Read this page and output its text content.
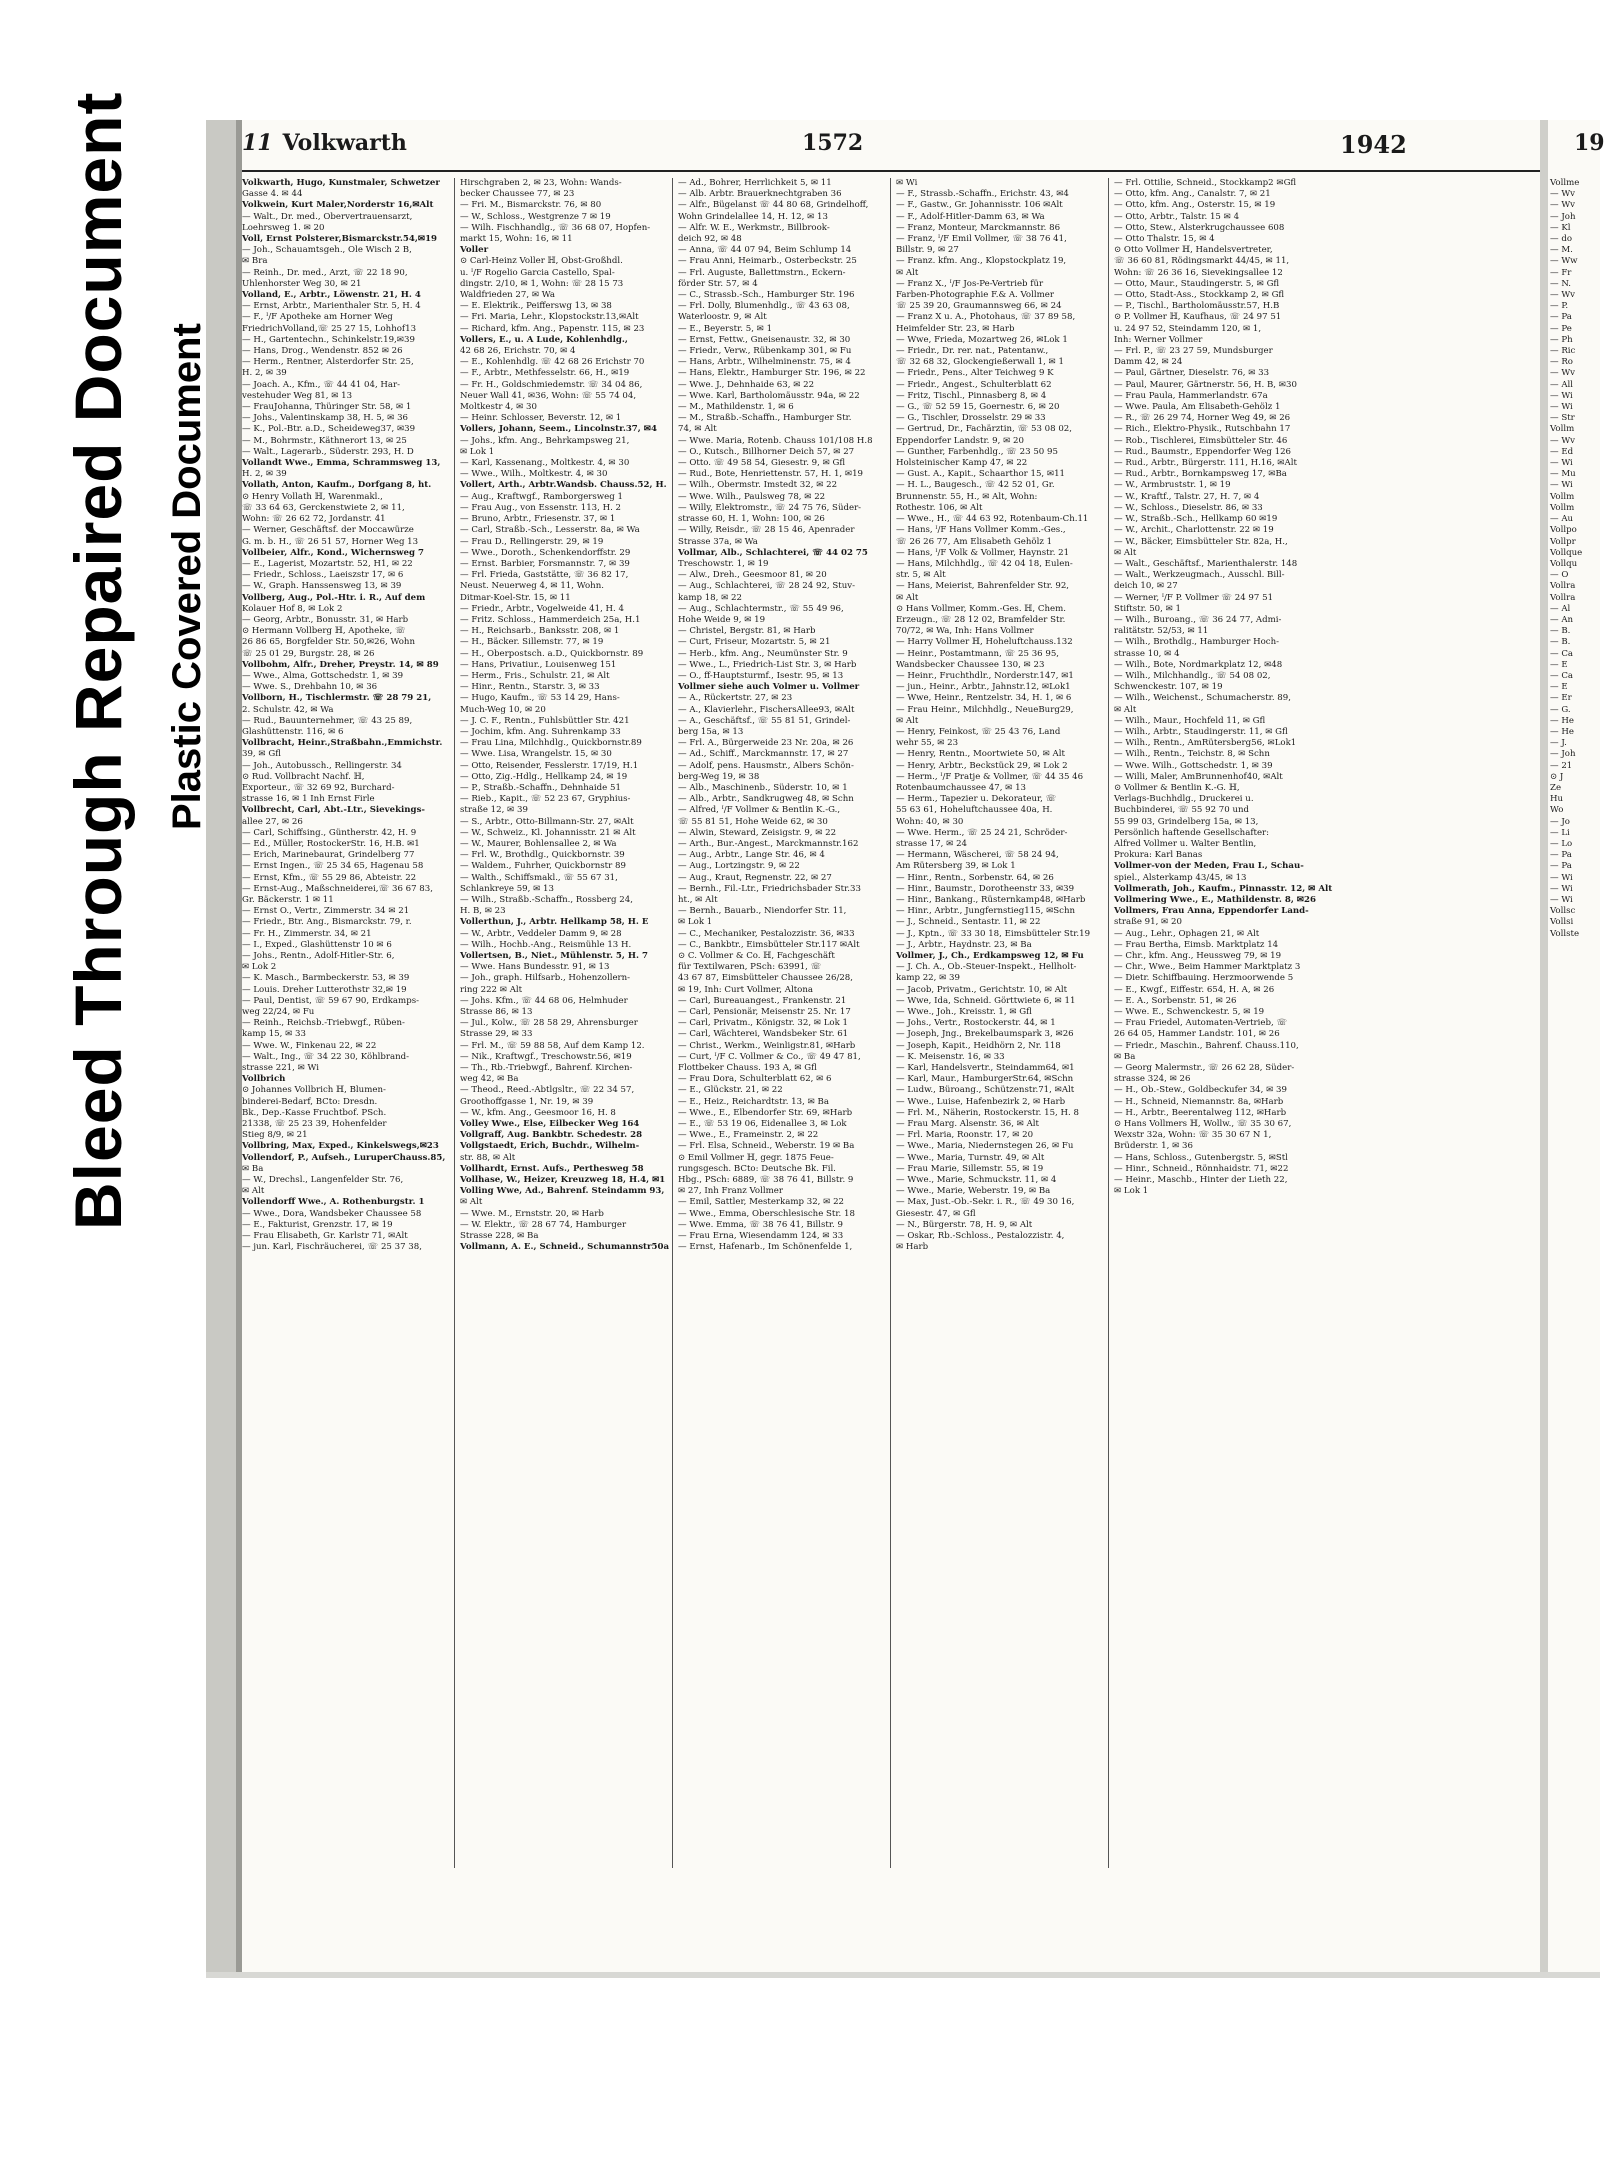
Bleed Through Repaired Document Plastic Covered Document
11 Volkwarth	1572	1942

Volkwarth, Hugo, Kunstmaler, Schwetzer

Gasse 4. ✉ 44

Volkwein, Kurt Maler,Norderstr 16,✉Alt

— Walt., Dr. med., Obervertrauensarzt,

Loehrsweg 1. ✉ 20

Voll, Ernst Polsterer,Bismarckstr.54,✉19

— Joh., Schauamtsgeh., Ole Wisch 2 B,

✉ Bra

— Reinh., Dr. med., Arzt, ☏ 22 18 90,

Uhlenhorster Weg 30, ✉ 21

Volland, E., Arbtr., Löwenstr. 21, H. 4

— Ernst, Arbtr., Marienthaler Str. 5, H. 4

— F., ᴵ/F Apotheke am Horner Weg

FriedrichVolland,☏ 25 27 15, Lohhof13

— H., Gartentechn., Schinkelstr.19,✉39

— Hans, Drog., Wendenstr. 852 ✉ 26

— Herm., Rentner, Alsterdorfer Str. 25,

H. 2, ✉ 39

— Joach. A., Kfm., ☏ 44 41 04, Har-

vestehuder Weg 81, ✉ 13

— FrauJohanna, Thüringer Str. 58, ✉ 1

— Johs., Valentinskamp 38, H. 5, ✉ 36

— K., Pol.-Btr. a.D., Scheideweg37, ✉39

— M., Bohrmstr., Käthnerort 13, ✉ 25

— Walt., Lagerarb., Süderstr. 293, H. D

Vollandt Wwe., Emma, Schrammsweg 13,

H. 2, ✉ 39

Vollath, Anton, Kaufm., Dorfgang 8, ht.

⊙ Henry Vollath ℍ, Warenmakl.,

☏ 33 64 63, Gerckenstwiete 2, ✉ 11,

Wohn: ☏ 26 62 72, Jordanstr. 41

— Werner, Geschäftsf. der Moccawürze

G. m. b. H., ☏ 26 51 57, Horner Weg 13

Vollbeier, Alfr., Kond., Wichernsweg 7

— E., Lagerist, Mozartstr. 52, H1, ✉ 22

— Friedr., Schloss., Laeiszstr 17, ✉ 6

— W., Graph. Hanssensweg 13, ✉ 39

Vollberg, Aug., Pol.-Htr. i. R., Auf dem

Kolauer Hof 8, ✉ Lok 2

— Georg, Arbtr., Bonusstr. 31, ✉ Harb

⊙ Hermann Vollberg ℍ, Apotheke, ☏

26 86 65, Borgfelder Str. 50,✉26, Wohn

☏ 25 01 29, Burgstr. 28, ✉ 26

Vollbohm, Alfr., Dreher, Preystr. 14, ✉ 89

— Wwe., Alma, Gottschedstr. 1, ✉ 39

— Wwe. S., Drehbahn 10, ✉ 36

Vollborn, H., Tischlermstr. ☏ 28 79 21,

2. Schulstr. 42, ✉ Wa

— Rud., Bauunternehmer, ☏ 43 25 89,

Glashüttenstr. 116, ✉ 6

Vollbracht, Heinr.,Straßbahn.,Emmichstr.

39, ✉ Gfl

— Joh., Autobussch., Rellingerstr. 34

⊙ Rud. Vollbracht Nachf. ℍ,

Exporteur., ☏ 32 69 92, Burchard-

strasse 16, ✉ 1 Inh Ernst Firle

Vollbrecht, Carl, Abt.-Ltr., Sievekings-

allee 27, ✉ 26

— Carl, Schiffsing., Güntherstr. 42, H. 9

— Ed., Müller, RostockerStr. 16, H.B. ✉1

— Erich, Marinebaurat, Grindelberg 77

— Ernst Ingen., ☏ 25 34 65, Hagenau 58

— Ernst, Kfm., ☏ 55 29 86, Abteistr. 22

— Ernst-Aug., Maßschneiderei,☏ 36 67 83,

Gr. Bäckerstr. 1 ✉ 11

— Ernst O., Vertr., Zimmerstr. 34 ✉ 21

— Friedr., Btr. Ang., Bismarckstr. 79, r.

— Fr. H., Zimmerstr. 34, ✉ 21

— I., Exped., Glashüttenstr 10 ✉ 6

— Johs., Rentn., Adolf-Hitler-Str. 6,

✉ Lok 2

— K. Masch., Barmbeckerstr. 53, ✉ 39

— Louis. Dreher Lutterothstr 32,✉ 19

— Paul, Dentist, ☏ 59 67 90, Erdkamps-

weg 22/24, ✉ Fu

— Reinh., Reichsb.-Triebwgf., Rüben-

kamp 15, ✉ 33

— Wwe. W., Finkenau 22, ✉ 22

— Walt., Ing., ☏ 34 22 30, Köhlbrand-

strasse 221, ✉ Wi

Vollbrich

⊙ Johannes Vollbrich ℍ, Blumen-

binderei-Bedarf, BCto: Dresdn.

Bk., Dep.-Kasse Fruchtbof. PSch.

21338, ☏ 25 23 39, Hohenfelder

Stieg 8/9, ✉ 21

Vollbring, Max, Exped., Kinkelswegs,✉23

Vollendorf, P., Aufseh., LuruperChauss.85,

✉ Ba

— W., Drechsl., Langenfelder Str. 76,

✉ Alt

Vollendorff Wwe., A. Rothenburgstr. 1

— Wwe., Dora, Wandsbeker Chaussee 58

— E., Fakturist, Grenzstr. 17, ✉ 19

— Frau Elisabeth, Gr. Karlstr 71, ✉Alt

— jun. Karl, Fischräucherei, ☏ 25 37 38,

Hirschgraben 2, ✉ 23, Wohn: Wands-

becker Chaussee 77, ✉ 23

— Fri. M., Bismarckstr. 76, ✉ 80

— W., Schloss., Westgrenze 7 ✉ 19

— Wilh. Fischhandlg., ☏ 36 68 07, Hopfen-

markt 15, Wohn: 16, ✉ 11

Voller

⊙ Carl-Heinz Voller ℍ, Obst-Großhdl.

u. ᴵ/F Rogelio Garcia Castello, Spal-

dingstr. 2/10, ✉ 1, Wohn: ☏ 28 15 73

Waldfrieden 27, ✉ Wa

— E. Elektrik., Peifferswg 13, ✉ 38

— Fri. Maria, Lehr., Klopstockstr.13,✉Alt

— Richard, kfm. Ang., Papenstr. 115, ✉ 23

Vollers, E., u. A Lude, Kohlenhdlg.,

42 68 26, Erichstr. 70, ✉ 4

— E., Kohlenhdlg. ☏ 42 68 26 Erichstr 70

— F., Arbtr., Methfesselstr. 66, H., ✉19

— Fr. H., Goldschmiedemstr. ☏ 34 04 86,

Neuer Wall 41, ✉36, Wohn: ☏ 55 74 04,

Moltkestr 4, ✉ 30

— Heinr. Schlosser, Beverstr. 12, ✉ 1

Vollers, Johann, Seem., Lincolnstr.37, ✉4

— Johs., kfm. Ang., Behrkampsweg 21,

✉ Lok 1

— Karl, Kassenang., Moltkestr. 4, ✉ 30

— Wwe., Wilh., Moltkestr. 4, ✉ 30

Vollert, Arth., Arbtr.Wandsb. Chauss.52, H.

— Aug., Kraftwgf., Ramborgersweg 1

— Frau Aug., von Essenstr. 113, H. 2

— Bruno, Arbtr., Friesenstr. 37, ✉ 1

— Carl, Straßb.-Sch., Lesserstr. 8a, ✉ Wa

— Frau D., Rellingerstr. 29, ✉ 19

— Wwe., Doroth., Schenkendorffstr. 29

— Ernst. Barbier, Forsmannstr. 7, ✉ 39

— Frl. Frieda, Gaststätte, ☏ 36 82 17,

Neust. Neuerweg 4, ✉ 11, Wohn.

Ditmar-Koel-Str. 15, ✉ 11

— Friedr., Arbtr., Vogelweide 41, H. 4

— Fritz. Schloss., Hammerdeich 25a, H.1

— H., Reichsarb., Banksstr. 208, ✉ 1

— H., Bäcker. Sillemstr. 77, ✉ 19

— H., Oberpostsch. a.D., Quickbornstr. 89

— Hans, Privatiur., Louisenweg 151

— Herm., Fris., Schulstr. 21, ✉ Alt

— Hinr., Rentn., Starstr. 3, ✉ 33

— Hugo, Kaufm., ☏ 53 14 29, Hans-

Much-Weg 10, ✉ 20

— J. C. F., Rentn., Fuhlsbüttler Str. 421

— Jochim, kfm. Ang. Suhrenkamp 33

— Frau Lina, Milchhdlg., Quickbornstr.89

— Wwe. Lisa, Wrangelstr. 15, ✉ 30

— Otto, Reisender, Fesslerstr. 17/19, H.1

— Otto, Zig.-Hdlg., Hellkamp 24, ✉ 19

— P., Straßb.-Schaffn., Dehnhaide 51

— Rieb., Kapit., ☏ 52 23 67, Gryphius-

straße 12, ✉ 39

— S., Arbtr., Otto-Billmann-Str. 27, ✉Alt

— W., Schweiz., Kl. Johannisstr. 21 ✉ Alt

— W., Maurer, Bohlensallee 2, ✉ Wa

— Frl. W., Brothdlg., Quickbornstr. 39

— Waldem., Fuhrher, Quickbornstr 89

— Walth., Schiffsmakl., ☏ 55 67 31,

Schlankreye 59, ✉ 13

— Wilh., Straßb.-Schaffn., Rossberg 24,

H. B, ✉ 23

Vollerthun, J., Arbtr. Hellkamp 58, H. E

— W., Arbtr., Veddeler Damm 9, ✉ 28

— Wilh., Hochb.-Ang., Reismühle 13 H.

Vollertsen, B., Niet., Mühlenstr. 5, H. 7

— Wwe. Hans Bundesstr. 91, ✉ 13

— Joh., graph. Hilfsarb., Hohenzollern-

ring 222 ✉ Alt

— Johs. Kfm., ☏ 44 68 06, Helmhuder

Strasse 86, ✉ 13

— Jul., Kolw., ☏ 28 58 29, Ahrensburger

Strasse 29, ✉ 33

— Frl. M., ☏ 59 88 58, Auf dem Kamp 12.

— Nik., Kraftwgf., Treschowstr.56, ✉19

— Th., Rb.-Triebwgf., Bahrenf. Kirchen-

weg 42, ✉ Ba

— Theod., Reed.-Abtlgsltr., ☏ 22 34 57,

Groothoffgasse 1, Nr. 19, ✉ 39

— W., kfm. Ang., Geesmoor 16, H. 8

Volley Wwe., Else, Eilbecker Weg 164

Vollgraff, Aug. Bankbtr. Schedestr. 28

Vollgstaedt, Erich, Buchdr., Wilhelm-

str. 88, ✉ Alt

Vollhardt, Ernst. Aufs., Perthesweg 58

Vollhase, W., Heizer, Kreuzweg 18, H.4, ✉1

Volling Wwe, Ad., Bahrenf. Steindamm 93,

✉ Alt

— Wwe. M., Ernststr. 20, ✉ Harb

— W. Elektr., ☏ 28 67 74, Hamburger

Strasse 228, ✉ Ba

Vollmann, A. E., Schneid., Schumannstr50a

— Ad., Bohrer, Herrlichkeit 5, ✉ 11

— Alb. Arbtr. Brauerknechtgraben 36

— Alfr., Bügelanst ☏ 44 80 68, Grindelhoff,

Wohn Grindelallee 14, H. 12, ✉ 13

— Alfr. W. E., Werkmstr., Billbrook-

deich 92, ✉ 48

— Anna, ☏ 44 07 94, Beim Schlump 14

— Frau Anni, Heimarb., Osterbeckstr. 25

— Frl. Auguste, Ballettmstrn., Eckern-

förder Str. 57, ✉ 4

— C., Strassb.-Sch., Hamburger Str. 196

— Frl. Dolly, Blumenhdlg., ☏ 43 63 08,

Waterloostr. 9, ✉ Alt

— E., Beyerstr. 5, ✉ 1

— Ernst, Fettw., Gneisenaustr. 32, ✉ 30

— Friedr., Verw., Rübenkamp 301, ✉ Fu

— Hans, Arbtr., Wilhelminenstr. 75, ✉ 4

— Hans, Elektr., Hamburger Str. 196, ✉ 22

— Wwe. J., Dehnhaide 63, ✉ 22

— Wwe. Karl, Bartholomäusstr. 94a, ✉ 22

— M., Mathildenstr. 1, ✉ 6

— M., Straßb.-Schaffn., Hamburger Str.

74, ✉ Alt

— Wwe. Maria, Rotenb. Chauss 101/108 H.8

— O., Kutsch., Billhorner Deich 57, ✉ 27

— Otto. ☏ 49 58 54, Giesestr. 9, ✉ Gfl

— Rud., Bote, Henriettenstr. 57, H. 1, ✉19

— Wilh., Obermstr. Imstedt 32, ✉ 22

— Wwe. Wilh., Paulsweg 78, ✉ 22

— Willy, Elektromstr., ☏ 24 75 76, Süder-

strasse 60, H. 1, Wohn: 100, ✉ 26

— Willy, Reisdr., ☏ 28 15 46, Apenrader

Strasse 37a, ✉ Wa

Vollmar, Alb., Schlachterei, ☏ 44 02 75

Treschowstr. 1, ✉ 19

— Alw., Dreh., Geesmoor 81, ✉ 20

— Aug., Schlachterei, ☏ 28 24 92, Stuv-

kamp 18, ✉ 22

— Aug., Schlachtermstr., ☏ 55 49 96,

Hohe Weide 9, ✉ 19

— Christel, Bergstr. 81, ✉ Harb

— Curt, Friseur, Mozartstr. 5, ✉ 21

— Herb., kfm. Ang., Neumünster Str. 9

— Wwe., L., Friedrich-List Str. 3, ✉ Harb

— O., ff-Hauptsturmf., Isestr. 95, ✉ 13

Vollmer siehe auch Volmer u. Vollmer

— A., Rückertstr. 27, ✉ 23

— A., Klavierlehr., FischersAllee93, ✉Alt

— A., Geschäftsf., ☏ 55 81 51, Grindel-

berg 15a, ✉ 13

— Frl. A., Bürgerweide 23 Nr. 20a, ✉ 26

— Ad., Schiff., Marckmannstr. 17, ✉ 27

— Adolf, pens. Hausmstr., Albers Schön-

berg-Weg 19, ✉ 38

— Alb., Maschinenb., Süderstr. 10, ✉ 1

— Alb., Arbtr., Sandkrugweg 48, ✉ Schn

— Alfred, ᴵ/F Vollmer & Bentlin K.-G.,

☏ 55 81 51, Hohe Weide 62, ✉ 30

— Alwin, Steward, Zeisigstr. 9, ✉ 22

— Arth., Bur.-Angest., Marckmannstr.162

— Aug., Arbtr., Lange Str. 46, ✉ 4

— Aug., Lortzingstr. 9, ✉ 22

— Aug., Kraut, Regnenstr. 22, ✉ 27

— Bernh., Fil.-Ltr., Friedrichsbader Str.33

ht., ✉ Alt

— Bernh., Bauarb., Niendorfer Str. 11,

✉ Lok 1

— C., Mechaniker, Pestalozzistr. 36, ✉33

— C., Bankbtr., Eimsbütteler Str.117 ✉Alt

⊙ C. Vollmer & Co. ℍ, Fachgeschäft

für Textilwaren, PSch: 63991, ☏

43 67 87, Eimsbütteler Chaussee 26/28,

✉ 19, Inh: Curt Vollmer, Altona

— Carl, Bureauangest., Frankenstr. 21

— Carl, Pensionär, Meisenstr 25. Nr. 17

— Carl, Privatm., Königstr. 32, ✉ Lok 1

— Carl, Wächterei, Wandsbeker Str. 61

— Christ., Werkm., Weinligstr.81, ✉Harb

— Curt, ᴵ/F C. Vollmer & Co., ☏ 49 47 81,

Flottbeker Chauss. 193 A, ✉ Gfl

— Frau Dora, Schulterblatt 62, ✉ 6

— E., Glückstr. 21, ✉ 22

— E., Heiz., Reichardtstr. 13, ✉ Ba

— Wwe., E., Elbendorfer Str. 69, ✉Harb

— E., ☏ 53 19 06, Eidenallee 3, ✉ Lok

— Wwe., E., Frameinstr. 2, ✉ 22

— Frl. Elsa, Schneid., Weberstr. 19 ✉ Ba

⊙ Emil Vollmer ℍ, gegr. 1875 Feue-

rungsgesch. BCto: Deutsche Bk. Fil.

Hbg., PSch: 6889, ☏ 38 76 41, Billstr. 9

✉ 27, Inh Franz Vollmer

— Emil, Sattler, Mesterkamp 32, ✉ 22

— Wwe., Emma, Oberschlesische Str. 18

— Wwe. Emma, ☏ 38 76 41, Billstr. 9

— Frau Erna, Wiesendamm 124, ✉ 33

— Ernst, Hafenarb., Im Schönenfelde 1,

✉ Wi

— F., Strassb.-Schaffn., Erichstr. 43, ✉4

— F., Gastw., Gr. Johannisstr. 106 ✉Alt

— F., Adolf-Hitler-Damm 63, ✉ Wa

— Franz, Monteur, Marckmannstr. 86

— Franz, ᴵ/F Emil Vollmer, ☏ 38 76 41,

Billstr. 9, ✉ 27

— Franz. kfm. Ang., Klopstockplatz 19,

✉ Alt

— Franz X., ᴵ/F Jos-Pe-Vertrieb für

Farben-Photographie F.& A. Vollmer

☏ 25 39 20, Graumannsweg 66, ✉ 24

— Franz X u. A., Photohaus, ☏ 37 89 58,

Heimfelder Str. 23, ✉ Harb

— Wwe, Frieda, Mozartweg 26, ✉Lok 1

— Friedr., Dr. rer. nat., Patentanw.,

☏ 32 68 32, Glockengießerwall 1, ✉ 1

— Friedr., Pens., Alter Teichweg 9 K

— Friedr., Angest., Schulterblatt 62

— Fritz, Tischl., Pinnasberg 8, ✉ 4

— G., ☏ 52 59 15, Goernestr. 6, ✉ 20

— G., Tischler, Drosselstr. 29 ✉ 33

— Gertrud, Dr., Fachärztin, ☏ 53 08 02,

Eppendorfer Landstr. 9, ✉ 20

— Gunther, Farbenhdlg., ☏ 23 50 95

Holsteinischer Kamp 47, ✉ 22

— Gust. A., Kapit., Schaarthor 15, ✉11

— H. L., Baugesch., ☏ 42 52 01, Gr.

Brunnenstr. 55, H., ✉ Alt, Wohn:

Rothestr. 106, ✉ Alt

— Wwe., H., ☏ 44 63 92, Rotenbaum-Ch.11

— Hans, ᴵ/F Hans Vollmer Komm.-Ges.,

☏ 26 26 77, Am Elisabeth Gehölz 1

— Hans, ᴵ/F Volk & Vollmer, Haynstr. 21

— Hans, Milchhdlg., ☏ 42 04 18, Eulen-

str. 5, ✉ Alt

— Hans, Meierist, Bahrenfelder Str. 92,

✉ Alt

⊙ Hans Vollmer, Komm.-Ges. ℍ, Chem.

Erzeugn., ☏ 28 12 02, Bramfelder Str.

70/72, ✉ Wa, Inh: Hans Vollmer

— Harry Vollmer ℍ, Hoheluftchauss.132

— Heinr., Postamtmann, ☏ 25 36 95,

Wandsbecker Chaussee 130, ✉ 23

— Heinr., Fruchthdlr., Norderstr.147, ✉1

— jun., Heinr., Arbtr., Jahnstr.12, ✉Lok1

— Wwe, Heinr., Rentzelstr. 34, H. 1, ✉ 6

— Frau Heinr., Milchhdlg., NeueBurg29,

✉ Alt

— Henry, Feinkost, ☏ 25 43 76, Land

wehr 55, ✉ 23

— Henry, Rentn., Moortwiete 50, ✉ Alt

— Henry, Arbtr., Beckstück 29, ✉ Lok 2

— Herm., ᴵ/F Pratje & Vollmer, ☏ 44 35 46

Rotenbaumchaussee 47, ✉ 13

— Herm., Tapezier u. Dekorateur, ☏

55 63 61, Hoheluftchaussee 40a, H.

Wohn: 40, ✉ 30

— Wwe. Herm., ☏ 25 24 21, Schröder-

strasse 17, ✉ 24

— Hermann, Wäscherei, ☏ 58 24 94,

Am Rütersberg 39, ✉ Lok 1

— Hinr., Rentn., Sorbenstr. 64, ✉ 26

— Hinr., Baumstr., Dorotheenstr 33, ✉39

— Hinr., Bankang., Rüsternkamp48, ✉Harb

— Hinr., Arbtr., Jungfernstieg115, ✉Schn

— J., Schneid., Sentastr. 11, ✉ 22

— J., Kptn., ☏ 33 30 18, Eimsbütteler Str.19

— J., Arbtr., Haydnstr. 23, ✉ Ba

Vollmer, J., Ch., Erdkampsweg 12, ✉ Fu

— J. Ch. A., Ob.-Steuer-Inspekt., Hellholt-

kamp 22, ✉ 39

— Jacob, Privatm., Gerichtstr. 10, ✉ Alt

— Wwe, Ida, Schneid. Görttwiete 6, ✉ 11

— Wwe., Joh., Kreisstr. 1, ✉ Gfl

— Johs., Vertr., Rostockerstr. 44, ✉ 1

— Joseph, Jng., Brekelbaumspark 3, ✉26

— Joseph, Kapit., Heidhörn 2, Nr. 118

— K. Meisenstr. 16, ✉ 33

— Karl, Handelsvertr., Steindamm64, ✉1

— Karl, Maur., HamburgerStr.64, ✉Schn

— Ludw., Büroang., Schützenstr.71, ✉Alt

— Wwe., Luise, Hafenbezirk 2, ✉ Harb

— Frl. M., Näherin, Rostockerstr. 15, H. 8

— Frau Marg. Alsenstr. 36, ✉ Alt

— Frl. Maria, Roonstr. 17, ✉ 20

— Wwe., Maria, Niedernstegen 26, ✉ Fu

— Wwe., Maria, Turnstr. 49, ✉ Alt

— Frau Marie, Sillemstr. 55, ✉ 19

— Wwe., Marie, Schmuckstr. 11, ✉ 4

— Wwe., Marie, Weberstr. 19, ✉ Ba

— Max, Just.-Ob.-Sekr. i. R., ☏ 49 30 16,

Giesestr. 47, ✉ Gfl

— N., Bürgerstr. 78, H. 9, ✉ Alt

— Oskar, Rb.-Schloss., Pestalozzistr. 4,

✉ Harb

— Frl. Ottilie, Schneid., Stockkamp2 ✉Gfl

— Otto, kfm. Ang., Canalstr. 7, ✉ 21

— Otto, kfm. Ang., Osterstr. 15, ✉ 19

— Otto, Arbtr., Talstr. 15 ✉ 4

— Otto, Stew., Alsterkrugchaussee 608

— Otto Thalstr. 15, ✉ 4

⊙ Otto Vollmer ℍ, Handelsvertreter,

☏ 36 60 81, Rödingsmarkt 44/45, ✉ 11,

Wohn: ☏ 26 36 16, Sievekingsallee 12

— Otto, Maur., Staudingerstr. 5, ✉ Gfl

— Otto, Stadt-Ass., Stockkamp 2, ✉ Gfl

— P., Tischl., Bartholomäusstr.57, H.B

⊙ P. Vollmer ℍ, Kaufhaus, ☏ 24 97 51

u. 24 97 52, Steindamm 120, ✉ 1,

Inh: Werner Vollmer

— Frl. P., ☏ 23 27 59, Mundsburger

Damm 42, ✉ 24

— Paul, Gärtner, Dieselstr. 76, ✉ 33

— Paul, Maurer, Gärtnerstr. 56, H. B, ✉30

— Frau Paula, Hammerlandstr. 67a

— Wwe. Paula, Am Elisabeth-Gehölz 1

— R., ☏ 26 29 74, Horner Weg 49, ✉ 26

— Rich., Elektro-Physik., Rutschbahn 17

— Rob., Tischlerei, Eimsbütteler Str. 46

— Rud., Baumstr., Eppendorfer Weg 126

— Rud., Arbtr., Bürgerstr. 111, H.16, ✉Alt

— Rud., Arbtr., Bornkampsweg 17, ✉Ba

— W., Armbruststr. 1, ✉ 19

— W., Kraftf., Talstr. 27, H. 7, ✉ 4

— W., Schloss., Dieselstr. 86, ✉ 33

— W., Straßb.-Sch., Hellkamp 60 ✉19

— W., Archit., Charlottenstr. 22 ✉ 19

— W., Bäcker, Eimsbütteler Str. 82a, H.,

✉ Alt

— Walt., Geschäftsf., Marienthalerstr. 148

— Walt., Werkzeugmach., Ausschl. Bill-

deich 10, ✉ 27

— Werner, ᴵ/F P. Vollmer ☏ 24 97 51

Stiftstr. 50, ✉ 1

— Wilh., Buroang., ☏ 36 24 77, Admi-

ralitätstr. 52/53, ✉ 11

— Wilh., Brothdlg., Hamburger Hoch-

strasse 10, ✉ 4

— Wilh., Bote, Nordmarkplatz 12, ✉48

— Wilh., Milchhandlg., ☏ 54 08 02,

Schwenckestr. 107, ✉ 19

— Wilh., Weichenst., Schumacherstr. 89,

✉ Alt

— Wilh., Maur., Hochfeld 11, ✉ Gfl

— Wilh., Arbtr., Staudingerstr. 11, ✉ Gfl

— Wilh., Rentn., AmRütersberg56, ✉Lok1

— Wilh., Rentn., Teichstr. 8, ✉ Schn

— Wwe. Wilh., Gottschedstr. 1, ✉ 39

— Willi, Maler, AmBrunnenhof40, ✉Alt

⊙ Vollmer & Bentlin K.-G. ℍ,

Verlags-Buchhdlg., Druckerei u.

Buchbinderei, ☏ 55 92 70 und

55 99 03, Grindelberg 15a, ✉ 13,

Persönlich haftende Gesellschafter:

Alfred Vollmer u. Walter Bentlin,

Prokura: Karl Banas

Vollmer-von der Meden, Frau I., Schau-

spiel., Alsterkamp 43/45, ✉ 13

Vollmerath, Joh., Kaufm., Pinnasstr. 12, ✉ Alt

Vollmering Wwe., E., Mathildenstr. 8, ✉26

Vollmers, Frau Anna, Eppendorfer Land-

straße 91, ✉ 20

— Aug., Lehr., Ophagen 21, ✉ Alt

— Frau Bertha, Eimsb. Marktplatz 14

— Chr., kfm. Ang., Heussweg 79, ✉ 19

— Chr., Wwe., Beim Hammer Marktplatz 3

— Dietr. Schiffbauing. Herzmoorwende 5

— E., Kwgf., Eiffestr. 654, H. A, ✉ 26

— E. A., Sorbenstr. 51, ✉ 26

— Wwe. E., Schwenckestr. 5, ✉ 19

— Frau Friedel, Automaten-Vertrieb, ☏

26 64 05, Hammer Landstr. 101, ✉ 26

— Friedr., Maschin., Bahrenf. Chauss.110,

✉ Ba

— Georg Malermstr., ☏ 26 62 28, Süder-

strasse 324, ✉ 26

— H., Ob.-Stew., Goldbeckufer 34, ✉ 39

— H., Schneid, Niemannstr. 8a, ✉Harb

— H., Arbtr., Beerentalweg 112, ✉Harb

⊙ Hans Vollmers ℍ, Wollw., ☏ 35 30 67,

Wexstr 32a, Wohn: ☏ 35 30 67 N 1,

Brüderstr. 1, ✉ 36

— Hans, Schloss., Gutenbergstr. 5, ✉Stl

— Hinr., Schneid., Rönnhaidstr. 71, ✉22

— Heinr., Maschb., Hinter der Lieth 22,

✉ Lok 1

19

Vollme

— Wv

— Wv

— Joh

— Kl

— do

— M.

— Ww

— Fr

— N.

— Wv

— P.

— Pa

— Pe

— Ph

— Ric

— Ro

— Wv

— All

— Wi

— Wi

— Str

Vollm

— Wv

— Ed

— Wi

— Mu

— Wi

Vollm

Vollm

— Au

Vollpo

Vollpr

Vollque

Vollqu

— O

Vollra

Vollra

— Al

— An

— B.

— B.

— Ca

— E

— Ca

— E

— Er

— G.

— He

— He

— J.

— Joh

— 21

⊙ J

Ze

Hu

Wo

— Jo

— Li

— Lo

— Pa

— Pa

— Wi

— Wi

— Wi

Vollsc

Vollsi

Vollste
